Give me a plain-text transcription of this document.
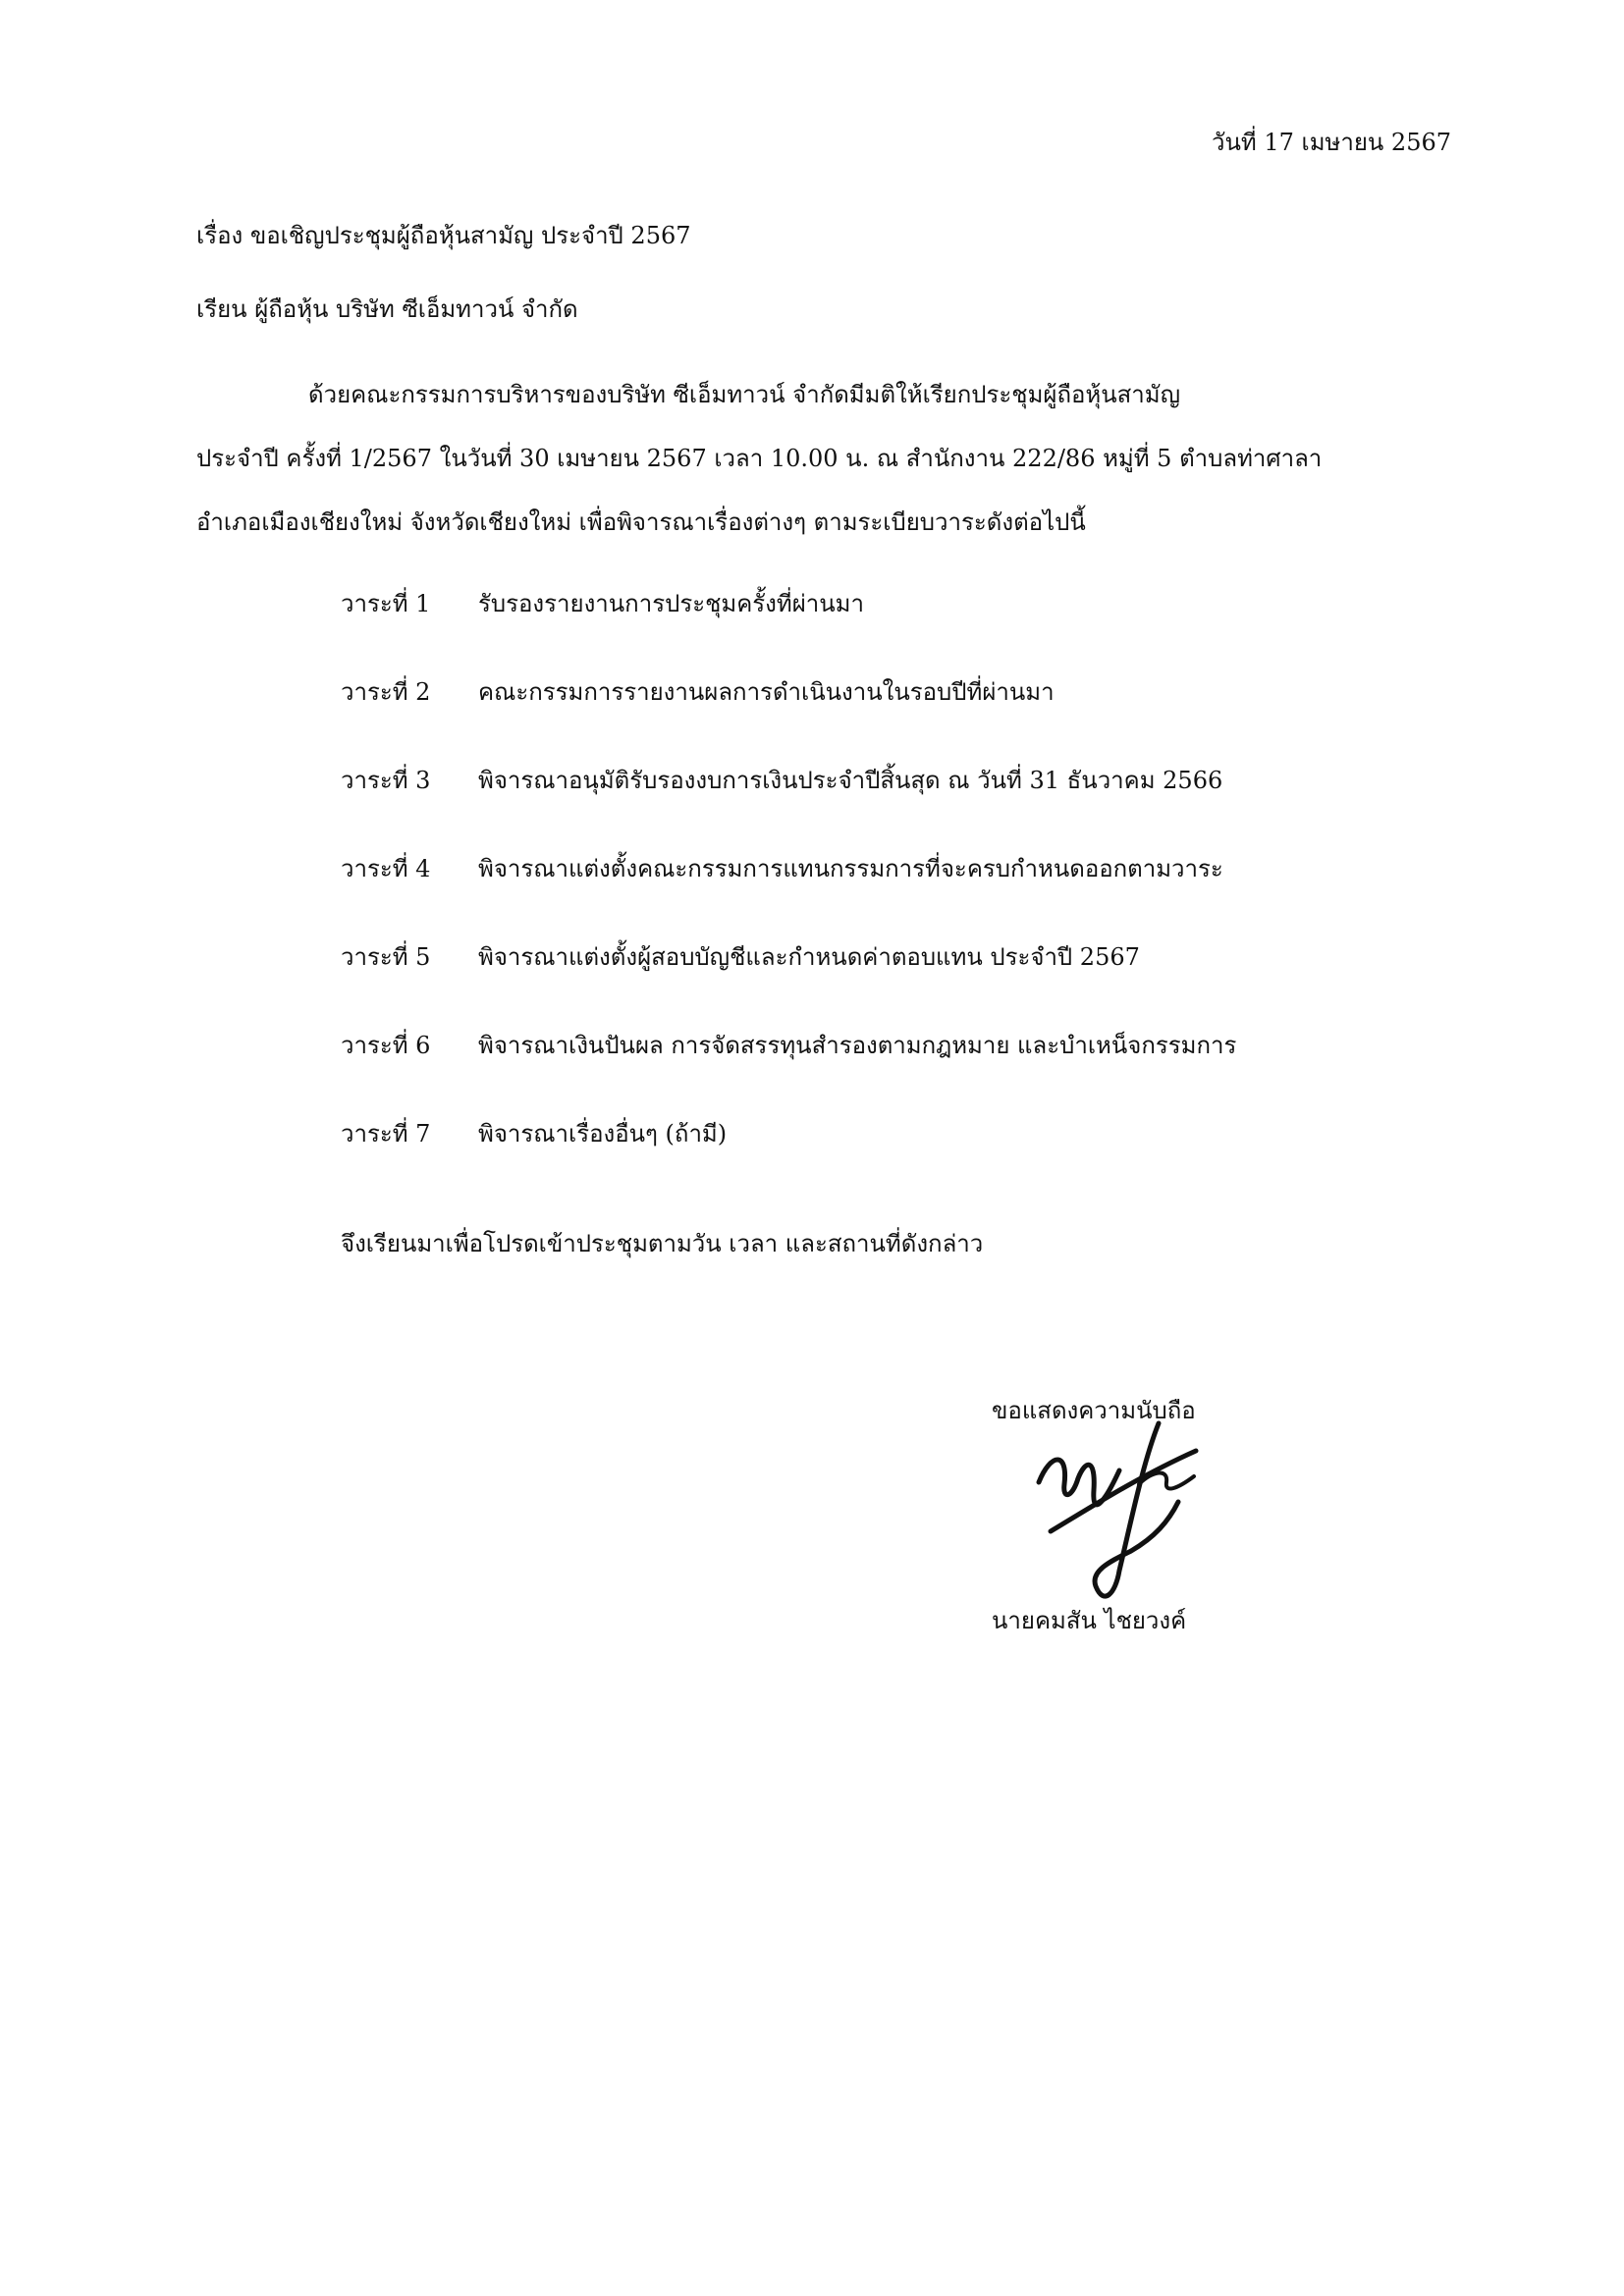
วันที่ 17 เมษายน 2567
เรื่อง ขอเชิญประชุมผู้ถือหุ้นสามัญ ประจำปี 2567
เรียน ผู้ถือหุ้น บริษัท ซีเอ็มทาวน์ จำกัด
ด้วยคณะกรรมการบริหารของบริษัท ซีเอ็มทาวน์ จำกัดมีมติให้เรียกประชุมผู้ถือหุ้นสามัญ
ประจำปี ครั้งที่ 1/2567 ในวันที่ 30 เมษายน 2567 เวลา 10.00 น. ณ สำนักงาน 222/86 หมู่ที่ 5 ตำบลท่าศาลา
อำเภอเมืองเชียงใหม่ จังหวัดเชียงใหม่ เพื่อพิจารณาเรื่องต่างๆ ตามระเบียบวาระดังต่อไปนี้
วาระที่ 1 รับรองรายงานการประชุมครั้งที่ผ่านมา
วาระที่ 2 คณะกรรมการรายงานผลการดำเนินงานในรอบปีที่ผ่านมา
วาระที่ 3 พิจารณาอนุมัติรับรองงบการเงินประจำปีสิ้นสุด ณ วันที่ 31 ธันวาคม 2566
วาระที่ 4 พิจารณาแต่งตั้งคณะกรรมการแทนกรรมการที่จะครบกำหนดออกตามวาระ
วาระที่ 5 พิจารณาแต่งตั้งผู้สอบบัญชีและกำหนดค่าตอบแทน ประจำปี 2567
วาระที่ 6 พิจารณาเงินปันผล การจัดสรรทุนสำรองตามกฎหมาย และบำเหน็จกรรมการ
วาระที่ 7 พิจารณาเรื่องอื่นๆ (ถ้ามี)
จึงเรียนมาเพื่อโปรดเข้าประชุมตามวัน เวลา และสถานที่ดังกล่าว
ขอแสดงความนับถือ
นายคมสัน ไชยวงค์
